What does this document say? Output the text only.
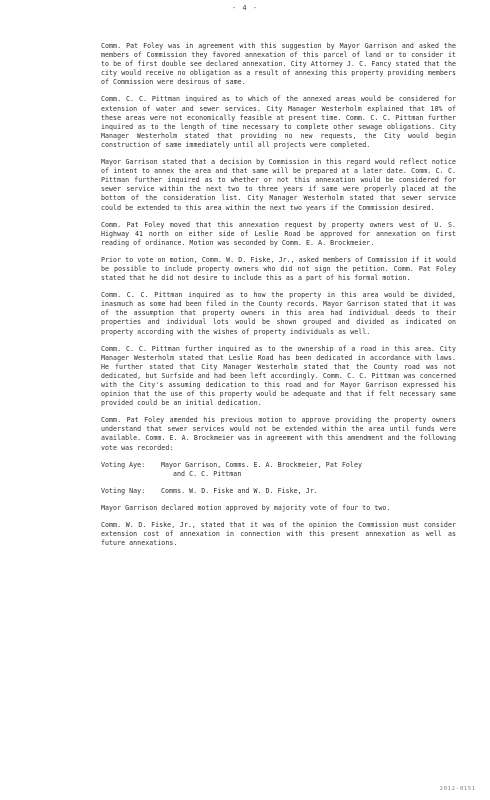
- 4 -

Comm. Pat Foley was in agreement with this suggestion by Mayor Garrison and asked the members of Commission they favored annexation of this parcel of land or to consider it to be of first double see declared annexation. City Attorney J. C. Fancy stated that the city would receive no obligation as a result of annexing this property providing members of Commission were desirous of same.

Comm. C. C. Pittman inquired as to which of the annexed areas would be considered for extension of water and sewer services. City Manager Westerholm explained that 10% of these areas were not economically feasible at present time. Comm. C. C. Pittman further inquired as to the length of time necessary to complete other sewage obligations. City Manager Westerholm stated that providing no new requests, the City would begin construction of same immediately until all projects were completed.

Mayor Garrison stated that a decision by Commission in this regard would reflect notice of intent to annex the area and that same will be prepared at a later date. Comm. C. C. Pittman further inquired as to whether or not this annexation would be considered for sewer service within the next two to three years if same were properly placed at the bottom of the consideration list. City Manager Westerholm stated that sewer service could be extended to this area within the next two years if the Commission desired.

Comm. Pat Foley moved that this annexation request by property owners west of U. S. Highway 41 north on either side of Leslie Road be approved for annexation on first reading of ordinance. Motion was seconded by Comm. E. A. Brockmeier.

Prior to vote on motion, Comm. W. D. Fiske, Jr., asked members of Commission if it would be possible to include property owners who did not sign the petition. Comm. Pat Foley stated that he did not desire to include this as a part of his formal motion.

Comm. C. C. Pittman inquired as to how the property in this area would be divided, inasmuch as some had been filed in the County records. Mayor Garrison stated that it was of the assumption that property owners in this area had individual deeds to their properties and individual lots would be shown grouped and divided as indicated on property according with the wishes of property individuals as well.

Comm. C. C. Pittman further inquired as to the ownership of a road in this area. City Manager Westerholm stated that Leslie Road has been dedicated in accordance with laws. He further stated that City Manager Westerholm stated that the County road was not dedicated, but Surfside and had been left accordingly. Comm. C. C. Pittman was concerned with the City's assuming dedication to this road and for Mayor Garrison expressed his opinion that the use of this property would be adequate and that if felt necessary same provided could be an initial dedication.

Comm. Pat Foley amended his previous motion to approve providing the property owners understand that sewer services would not be extended within the area until funds were available. Comm. E. A. Brockmeier was in agreement with this amendment and the following vote was recorded:

Voting Aye:	Mayor Garrison, Comms. E. A. Brockmeier, Pat Foley
and C. C. Pittman
Voting Nay:	Comms. W. D. Fiske and W. D. Fiske, Jr.

Mayor Garrison declared motion approved by majority vote of four to two.

Comm. W. D. Fiske, Jr., stated that it was of the opinion the Commission must consider extension cost of annexation in connection with this present annexation as well as future annexations.

2012-0151
